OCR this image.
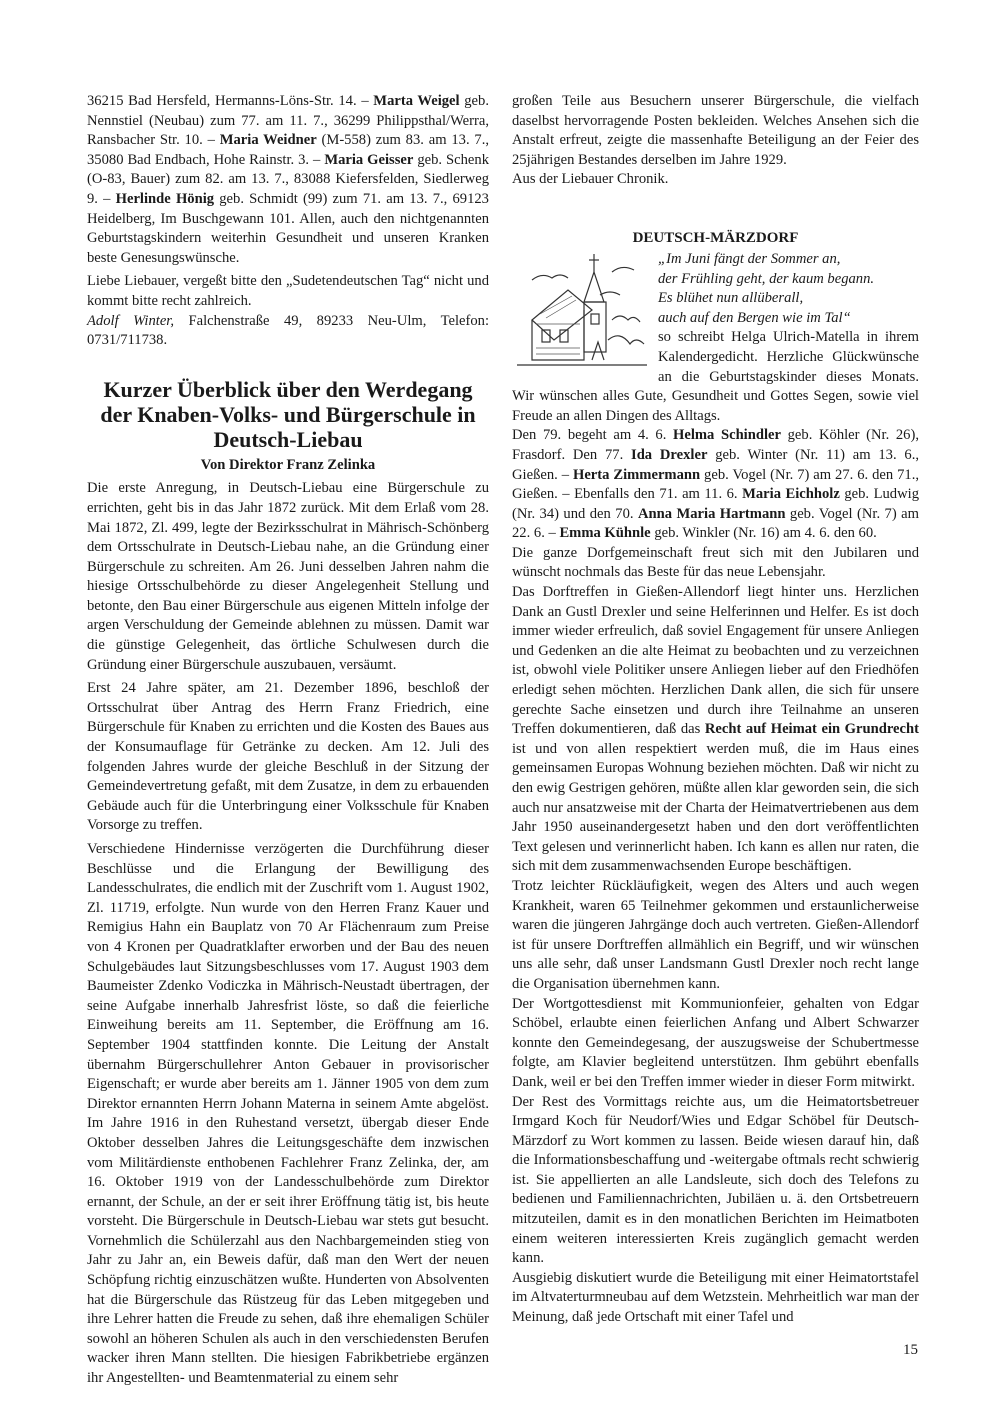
36215 Bad Hersfeld, Hermanns-Löns-Str. 14. – Marta Weigel geb. Nennstiel (Neubau) zum 77. am 11. 7., 36299 Philippsthal/Werra, Ransbacher Str. 10. – Maria Weidner (M-558) zum 83. am 13. 7., 35080 Bad Endbach, Hohe Rainstr. 3. – Maria Geisser geb. Schenk (O-83, Bauer) zum 82. am 13. 7., 83088 Kiefersfelden, Siedlerweg 9. – Herlinde Hönig geb. Schmidt (99) zum 71. am 13. 7., 69123 Heidelberg, Im Buschgewann 101. Allen, auch den nichtgenannten Geburtstagskindern weiterhin Gesundheit und unseren Kranken beste Genesungswünsche.

Liebe Liebauer, vergeßt bitte den „Sudetendeutschen Tag“ nicht und kommt bitte recht zahlreich.

Adolf Winter, Falchenstraße 49, 89233 Neu-Ulm, Telefon: 0731/711738.

Kurzer Überblick über den Werdegang der Knaben-Volks- und Bürgerschule in Deutsch-Liebau
Von Direktor Franz Zelinka

Die erste Anregung, in Deutsch-Liebau eine Bürgerschule zu errichten, geht bis in das Jahr 1872 zurück. Mit dem Erlaß vom 28. Mai 1872, Zl. 499, legte der Bezirksschulrat in Mährisch-Schönberg dem Ortsschulrate in Deutsch-Liebau nahe, an die Gründung einer Bürgerschule zu schreiten. Am 26. Juni desselben Jahren nahm die hiesige Ortsschulbehörde zu dieser Angelegenheit Stellung und betonte, den Bau einer Bürgerschule aus eigenen Mitteln infolge der argen Verschuldung der Gemeinde ablehnen zu müssen. Damit war die günstige Gelegenheit, das örtliche Schulwesen durch die Gründung einer Bürgerschule auszubauen, versäumt.

Erst 24 Jahre später, am 21. Dezember 1896, beschloß der Ortsschulrat über Antrag des Herrn Franz Friedrich, eine Bürgerschule für Knaben zu errichten und die Kosten des Baues aus der Konsumauflage für Getränke zu decken. Am 12. Juli des folgenden Jahres wurde der gleiche Beschluß in der Sitzung der Gemeindevertretung gefaßt, mit dem Zusatze, in dem zu erbauenden Gebäude auch für die Unterbringung einer Volksschule für Knaben Vorsorge zu treffen.

Verschiedene Hindernisse verzögerten die Durchführung dieser Beschlüsse und die Erlangung der Bewilligung des Landesschulrates, die endlich mit der Zuschrift vom 1. August 1902, Zl. 11719, erfolgte. Nun wurde von den Herren Franz Kauer und Remigius Hahn ein Bauplatz von 70 Ar Flächenraum zum Preise von 4 Kronen per Quadratklafter erworben und der Bau des neuen Schulgebäudes laut Sitzungsbeschlusses vom 17. August 1903 dem Baumeister Zdenko Vodiczka in Mährisch-Neustadt übertragen, der seine Aufgabe innerhalb Jahresfrist löste, so daß die feierliche Einweihung bereits am 11. September, die Eröffnung am 16. September 1904 stattfinden konnte. Die Leitung der Anstalt übernahm Bürgerschullehrer Anton Gebauer in provisorischer Eigenschaft; er wurde aber bereits am 1. Jänner 1905 von dem zum Direktor ernannten Herrn Johann Materna in seinem Amte abgelöst. Im Jahre 1916 in den Ruhestand versetzt, übergab dieser Ende Oktober desselben Jahres die Leitungsgeschäfte dem inzwischen vom Militärdienste enthobenen Fachlehrer Franz Zelinka, der, am 16. Oktober 1919 von der Landesschulbehörde zum Direktor ernannt, der Schule, an der er seit ihrer Eröffnung tätig ist, bis heute vorsteht. Die Bürgerschule in Deutsch-Liebau war stets gut besucht. Vornehmlich die Schülerzahl aus den Nachbargemeinden stieg von Jahr zu Jahr an, ein Beweis dafür, daß man den Wert der neuen Schöpfung richtig einzuschätzen wußte. Hunderten von Absolventen hat die Bürgerschule das Rüstzeug für das Leben mitgegeben und ihre Lehrer hatten die Freude zu sehen, daß ihre ehemaligen Schüler sowohl an höheren Schulen als auch in den verschiedensten Berufen wacker ihren Mann stellten. Die hiesigen Fabrikbetriebe ergänzen ihr Angestellten- und Beamtenmaterial zu einem sehr

großen Teile aus Besuchern unserer Bürgerschule, die vielfach daselbst hervorragende Posten bekleiden. Welches Ansehen sich die Anstalt erfreut, zeigte die massenhafte Beteiligung an der Feier des 25jährigen Bestandes derselben im Jahre 1929.

Aus der Liebauer Chronik.

DEUTSCH-MÄRZDORF

„Im Juni fängt der Sommer an,

der Frühling geht, der kaum begann.

Es blühet nun allüberall,

auch auf den Bergen wie im Tal“

so schreibt Helga Ulrich-Matella in ihrem Kalendergedicht. Herzliche Glückwünsche an die Geburtstagskinder dieses Monats. Wir wünschen alles Gute, Gesundheit und Gottes Segen, sowie viel Freude an allen Dingen des Alltags.

Den 79. begeht am 4. 6. Helma Schindler geb. Köhler (Nr. 26), Frasdorf. Den 77. Ida Drexler geb. Winter (Nr. 11) am 13. 6., Gießen. – Herta Zimmermann geb. Vogel (Nr. 7) am 27. 6. den 71., Gießen. – Ebenfalls den 71. am 11. 6. Maria Eichholz geb. Ludwig (Nr. 34) und den 70. Anna Maria Hartmann geb. Vogel (Nr. 7) am 22. 6. – Emma Kühnle geb. Winkler (Nr. 16) am 4. 6. den 60.

Die ganze Dorfgemeinschaft freut sich mit den Jubilaren und wünscht nochmals das Beste für das neue Lebensjahr.

Das Dorftreffen in Gießen-Allendorf liegt hinter uns. Herzlichen Dank an Gustl Drexler und seine Helferinnen und Helfer. Es ist doch immer wieder erfreulich, daß soviel Engagement für unsere Anliegen und Gedenken an die alte Heimat zu beobachten und zu verzeichnen ist, obwohl viele Politiker unsere Anliegen lieber auf den Friedhöfen erledigt sehen möchten. Herzlichen Dank allen, die sich für unsere gerechte Sache einsetzen und durch ihre Teilnahme an unseren Treffen dokumentieren, daß das Recht auf Heimat ein Grundrecht ist und von allen respektiert werden muß, die im Haus eines gemeinsamen Europas Wohnung beziehen möchten. Daß wir nicht zu den ewig Gestrigen gehören, müßte allen klar geworden sein, die sich auch nur ansatzweise mit der Charta der Heimatvertriebenen aus dem Jahr 1950 auseinandergesetzt haben und den dort veröffentlichten Text gelesen und verinnerlicht haben. Ich kann es allen nur raten, die sich mit dem zusammenwachsenden Europe beschäftigen.

Trotz leichter Rückläufigkeit, wegen des Alters und auch wegen Krankheit, waren 65 Teilnehmer gekommen und erstaunlicherweise waren die jüngeren Jahrgänge doch auch vertreten. Gießen-Allendorf ist für unsere Dorftreffen allmählich ein Begriff, und wir wünschen uns alle sehr, daß unser Landsmann Gustl Drexler noch recht lange die Organisation übernehmen kann.

Der Wortgottesdienst mit Kommunionfeier, gehalten von Edgar Schöbel, erlaubte einen feierlichen Anfang und Albert Schwarzer konnte den Gemeindegesang, der auszugsweise der Schubertmesse folgte, am Klavier begleitend unterstützen. Ihm gebührt ebenfalls Dank, weil er bei den Treffen immer wieder in dieser Form mitwirkt.

Der Rest des Vormittags reichte aus, um die Heimatortsbetreuer Irmgard Koch für Neudorf/Wies und Edgar Schöbel für Deutsch-Märzdorf zu Wort kommen zu lassen. Beide wiesen darauf hin, daß die Informationsbeschaffung und -weitergabe oftmals recht schwierig ist. Sie appellierten an alle Landsleute, sich doch des Telefons zu bedienen und Familiennachrichten, Jubiläen u. ä. den Ortsbetreuern mitzuteilen, damit es in den monatlichen Berichten im Heimatboten einem weiteren interessierten Kreis zugänglich gemacht werden kann.

Ausgiebig diskutiert wurde die Beteiligung mit einer Heimatortstafel im Altvaterturmneubau auf dem Wetzstein. Mehrheitlich war man der Meinung, daß jede Ortschaft mit einer Tafel und

15
